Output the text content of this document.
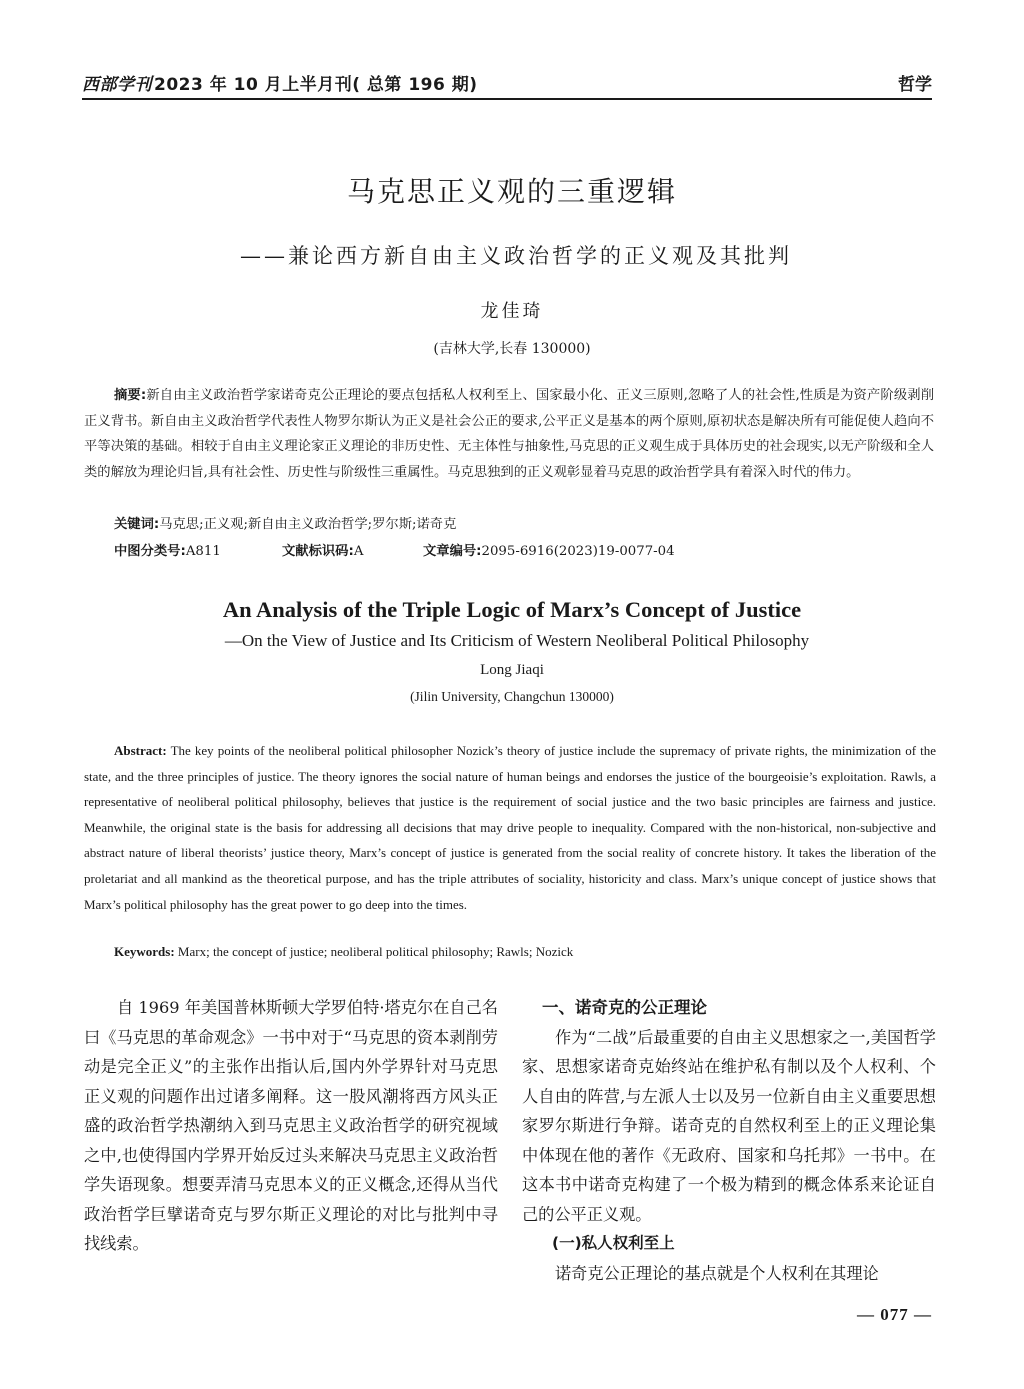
西部学刊 2023 年 10 月上半月刊( 总第 196 期)	哲学
马克思正义观的三重逻辑
——兼论西方新自由主义政治哲学的正义观及其批判
龙佳琦
(吉林大学,长春 130000)
摘要:新自由主义政治哲学家诺奇克公正理论的要点包括私人权利至上、国家最小化、正义三原则,忽略了人的社会性,性质是为资产阶级剥削正义背书。新自由主义政治哲学代表性人物罗尔斯认为正义是社会公正的要求,公平正义是基本的两个原则,原初状态是解决所有可能促使人趋向不平等决策的基础。相较于自由主义理论家正义理论的非历史性、无主体性与抽象性,马克思的正义观生成于具体历史的社会现实,以无产阶级和全人类的解放为理论归旨,具有社会性、历史性与阶级性三重属性。马克思独到的正义观彰显着马克思的政治哲学具有着深入时代的伟力。
关键词:马克思;正义观;新自由主义政治哲学;罗尔斯;诺奇克
中图分类号:A811	文献标识码:A	文章编号:2095-6916(2023)19-0077-04
An Analysis of the Triple Logic of Marx’s Concept of Justice
—On the View of Justice and Its Criticism of Western Neoliberal Political Philosophy
Long Jiaqi
(Jilin University, Changchun 130000)
Abstract: The key points of the neoliberal political philosopher Nozick’s theory of justice include the supremacy of private rights, the minimization of the state, and the three principles of justice. The theory ignores the social nature of human beings and endorses the justice of the bourgeoisie’s exploitation. Rawls, a representative of neoliberal political philosophy, believes that justice is the requirement of social justice and the two basic principles are fairness and justice. Meanwhile, the original state is the basis for addressing all decisions that may drive people to inequality. Compared with the non-historical, non-subjective and abstract nature of liberal theorists’ justice theory, Marx’s concept of justice is generated from the social reality of concrete history. It takes the liberation of the proletariat and all mankind as the theoretical purpose, and has the triple attributes of sociality, historicity and class. Marx’s unique concept of justice shows that Marx’s political philosophy has the great power to go deep into the times.
Keywords: Marx; the concept of justice; neoliberal political philosophy; Rawls; Nozick

自 1969 年美国普林斯顿大学罗伯特·塔克尔在自己名曰《马克思的革命观念》一书中对于“马克思的资本剥削劳动是完全正义”的主张作出指认后,国内外学界针对马克思正义观的问题作出过诸多阐释。这一股风潮将西方风头正盛的政治哲学热潮纳入到马克思主义政治哲学的研究视域之中,也使得国内学界开始反过头来解决马克思主义政治哲学失语现象。想要弄清马克思本义的正义概念,还得从当代政治哲学巨擘诺奇克与罗尔斯正义理论的对比与批判中寻找线索。

一、诺奇克的公正理论

作为“二战”后最重要的自由主义思想家之一,美国哲学家、思想家诺奇克始终站在维护私有制以及个人权利、个人自由的阵营,与左派人士以及另一位新自由主义重要思想家罗尔斯进行争辩。诺奇克的自然权利至上的正义理论集中体现在他的著作《无政府、国家和乌托邦》一书中。在这本书中诺奇克构建了一个极为精到的概念体系来论证自己的公平正义观。

(一)私人权利至上

诺奇克公正理论的基点就是个人权利在其理论

— 077 —
